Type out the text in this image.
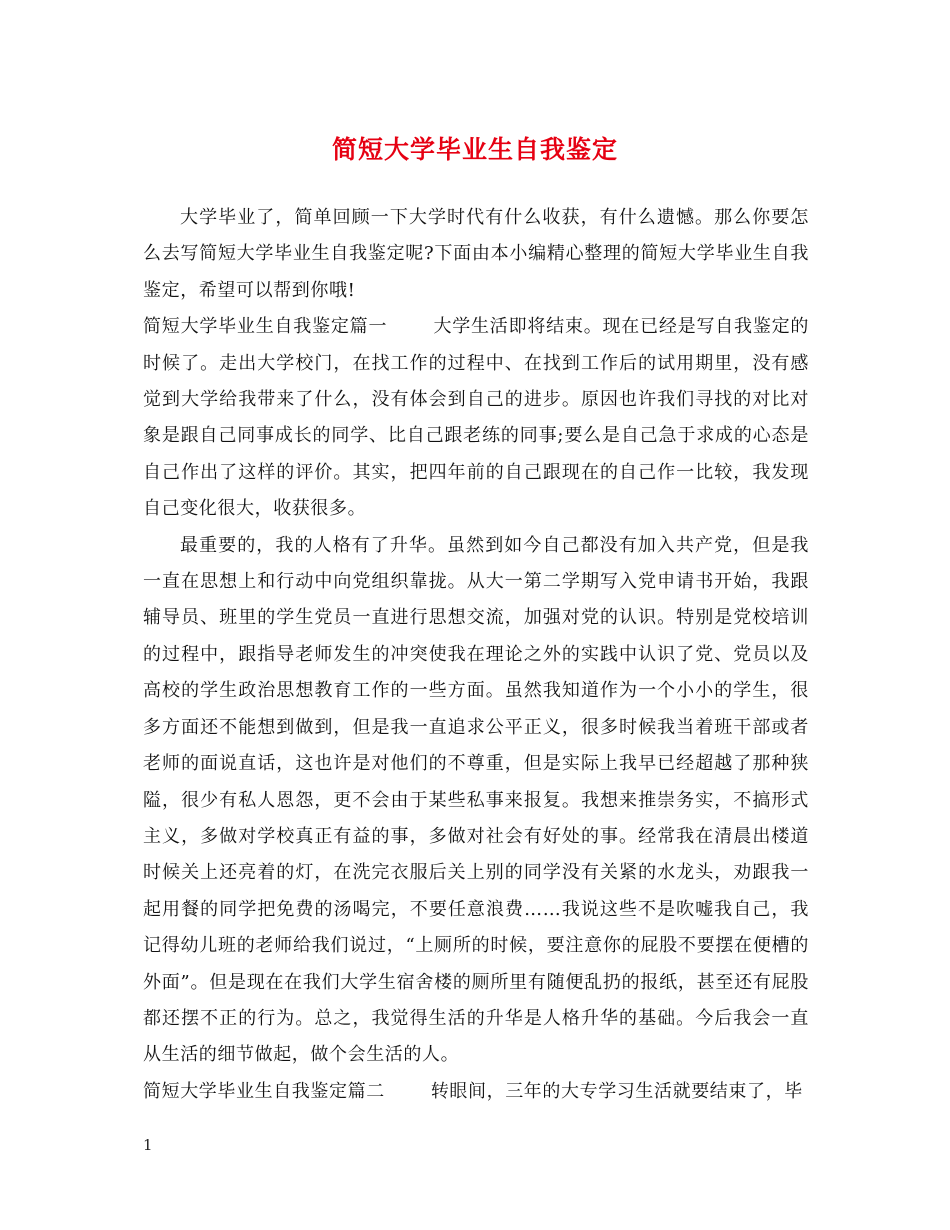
简短大学毕业生自我鉴定

大学毕业了，简单回顾一下大学时代有什么收获，有什么遗憾。那么你要怎么去写简短大学毕业生自我鉴定呢?下面由本小编精心整理的简短大学毕业生自我鉴定，希望可以帮到你哦!

简短大学毕业生自我鉴定篇一	大学生活即将结束。现在已经是写自我鉴定的时候了。走出大学校门，在找工作的过程中、在找到工作后的试用期里，没有感觉到大学给我带来了什么，没有体会到自己的进步。原因也许我们寻找的对比对象是跟自己同事成长的同学、比自己跟老练的同事;要么是自己急于求成的心态是自己作出了这样的评价。其实，把四年前的自己跟现在的自己作一比较，我发现自己变化很大，收获很多。

最重要的，我的人格有了升华。虽然到如今自己都没有加入共产党，但是我一直在思想上和行动中向党组织靠拢。从大一第二学期写入党申请书开始，我跟辅导员、班里的学生党员一直进行思想交流，加强对党的认识。特别是党校培训的过程中，跟指导老师发生的冲突使我在理论之外的实践中认识了党、党员以及高校的学生政治思想教育工作的一些方面。虽然我知道作为一个小小的学生，很多方面还不能想到做到，但是我一直追求公平正义，很多时候我当着班干部或者老师的面说直话，这也许是对他们的不尊重，但是实际上我早已经超越了那种狭隘，很少有私人恩怨，更不会由于某些私事来报复。我想来推崇务实，不搞形式主义，多做对学校真正有益的事，多做对社会有好处的事。经常我在清晨出楼道时候关上还亮着的灯，在洗完衣服后关上别的同学没有关紧的水龙头，劝跟我一起用餐的同学把免费的汤喝完，不要任意浪费……我说这些不是吹嘘我自己，我记得幼儿班的老师给我们说过，“上厕所的时候，要注意你的屁股不要摆在便槽的外面”。但是现在在我们大学生宿舍楼的厕所里有随便乱扔的报纸，甚至还有屁股都还摆不正的行为。总之，我觉得生活的升华是人格升华的基础。今后我会一直从生活的细节做起，做个会生活的人。

简短大学毕业生自我鉴定篇二	转眼间，三年的大专学习生活就要结束了，毕

1
